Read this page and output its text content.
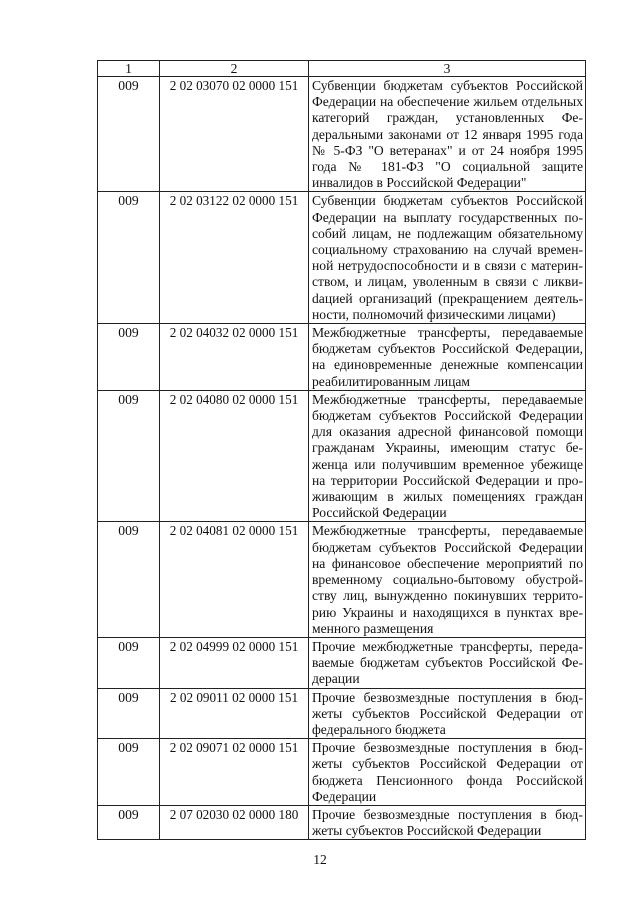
1	2	3
009	2 02 03070 02 0000 151	Субвенции бюджетам субъектов Российской Федерации на обеспечение жильем отдельных категорий граждан, установленных Федеральными законами от 12 января 1995 года № 5-ФЗ "О ветеранах" и от 24 ноября 1995 года № 181-ФЗ "О социальной защите инвалидов в Российской Федерации"
009	2 02 03122 02 0000 151	Субвенции бюджетам субъектов Российской Федерации на выплату государственных пособий лицам, не подлежащим обязательному социальному страхованию на случай временной нетрудоспособности и в связи с материнством, и лицам, уволенным в связи с ликвиdацией организаций (прекращением деятельности, полномочий физическими лицами)
009	2 02 04032 02 0000 151	Межбюджетные трансферты, передаваемые бюджетам субъектов Российской Федерации, на единовременные денежные компенсации реабилитированным лицам
009	2 02 04080 02 0000 151	Межбюджетные трансферты, передаваемые бюджетам субъектов Российской Федерации для оказания адресной финансовой помощи гражданам Украины, имеющим статус беженца или получившим временное убежище на территории Российской Федерации и проживающим в жилых помещениях граждан Российской Федерации
009	2 02 04081 02 0000 151	Межбюджетные трансферты, передаваемые бюджетам субъектов Российской Федерации на финансовое обеспечение мероприятий по временному социально-бытовому обустройству лиц, вынужденно покинувших территорию Украины и находящихся в пунктах временного размещения
009	2 02 04999 02 0000 151	Прочие межбюджетные трансферты, передаваемые бюджетам субъектов Российской Федерации
009	2 02 09011 02 0000 151	Прочие безвозмездные поступления в бюджеты субъектов Российской Федерации от федерального бюджета
009	2 02 09071 02 0000 151	Прочие безвозмездные поступления в бюджеты субъектов Российской Федерации от бюджета Пенсионного фонда Российской Федерации
009	2 07 02030 02 0000 180	Прочие безвозмездные поступления в бюджеты субъектов Российской Федерации
12
